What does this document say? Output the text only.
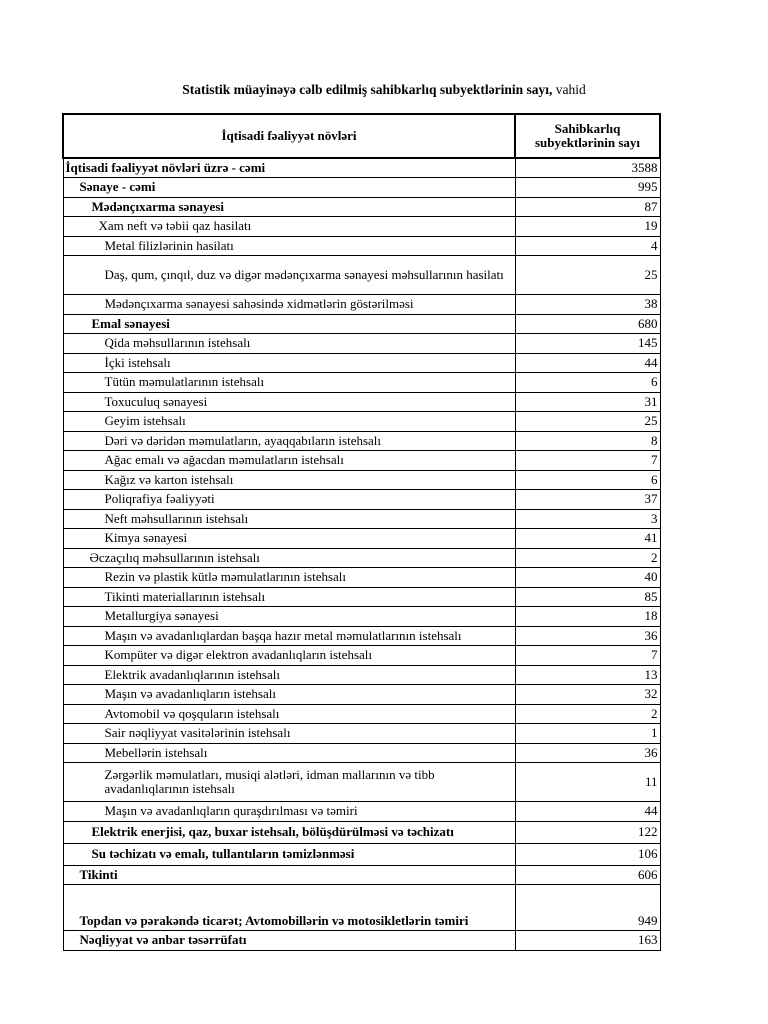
Statistik müayinəyə cəlb edilmiş sahibkarlıq subyektlərinin sayı, vahid
İqtisadi fəaliyyət növləri	Sahibkarlıq subyektlərinin sayı
İqtisadi fəaliyyət növləri üzrə - cəmi	3588
Sənaye - cəmi	995
Mədənçıxarma sənayesi	87
Xam neft və təbii qaz hasilatı	19
Metal filizlərinin hasilatı	4
Daş, qum, çınqıl, duz və digər mədənçıxarma sənayesi məhsullarının hasilatı	25
Mədənçıxarma sənayesi sahəsində xidmətlərin göstərilməsi	38
Emal sənayesi	680
Qida məhsullarının istehsalı	145
İçki istehsalı	44
Tütün məmulatlarının istehsalı	6
Toxuculuq sənayesi	31
Geyim istehsalı	25
Dəri və dəridən məmulatların, ayaqqabıların istehsalı	8
Ağac emalı və ağacdan məmulatların istehsalı	7
Kağız və karton istehsalı	6
Poliqrafiya fəaliyyəti	37
Neft məhsullarının istehsalı	3
Kimya sənayesi	41
Əczaçılıq məhsullarının istehsalı	2
Rezin və plastik kütlə məmulatlarının istehsalı	40
Tikinti materiallarının istehsalı	85
Metallurgiya sənayesi	18
Maşın və avadanlıqlardan başqa hazır metal məmulatlarının istehsalı	36
Kompüter və digər elektron avadanlıqların istehsalı	7
Elektrik avadanlıqlarının istehsalı	13
Maşın və avadanlıqların istehsalı	32
Avtomobil və qoşquların istehsalı	2
Sair nəqliyyat vasitələrinin istehsalı	1
Mebellərin istehsalı	36
Zərgərlik məmulatları, musiqi alətləri, idman mallarının və tibb avadanlıqlarının istehsalı	11
Maşın və avadanlıqların quraşdırılması və təmiri	44
Elektrik enerjisi, qaz, buxar istehsalı, bölüşdürülməsi və təchizatı	122
Su təchizatı və emalı, tullantıların təmizlənməsi	106
Tikinti	606
Topdan və pərakəndə ticarət; Avtomobillərin və motosikletlərin təmiri	949
Nəqliyyat və anbar təsərrüfatı	163
